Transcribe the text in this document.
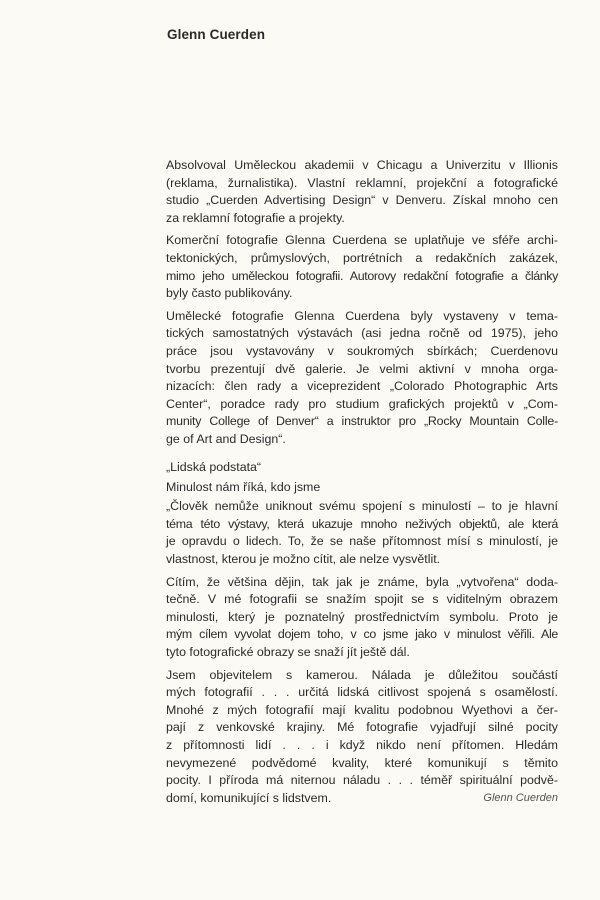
Glenn Cuerden

Absolvoval Uměleckou akademii v Chicagu a Univerzitu v Illionis
(reklama, žurnalistika). Vlastní reklamní, projekční a fotografické
studio „Cuerden Advertising Design“ v Denveru. Získal mnoho cen
za reklamní fotografie a projekty.

Komerční fotografie Glenna Cuerdena se uplatňuje ve sféře archi-
tektonických, průmyslových, portrétních a redakčních zakázek,
mimo jeho uměleckou fotografii. Autorovy redakční fotografie a články
byly často publikovány.

Umělecké fotografie Glenna Cuerdena byly vystaveny v tema-
tických samostatných výstavách (asi jedna ročně od 1975), jeho
práce jsou vystavovány v soukromých sbírkách; Cuerdenovu
tvorbu prezentují dvě galerie. Je velmi aktivní v mnoha orga-
nizacích: člen rady a viceprezident „Colorado Photographic Arts
Center“, poradce rady pro studium grafických projektů v „Com-
munity College of Denver“ a instruktor pro „Rocky Mountain Colle-
ge of Art and Design“.

„Lidská podstata“

Minulost nám říká, kdo jsme

„Člověk nemůže uniknout svému spojení s minulostí – to je hlavní
téma této výstavy, která ukazuje mnoho neživých objektů, ale která
je opravdu o lidech. To, že se naše přítomnost mísí s minulostí, je
vlastnost, kterou je možno cítit, ale nelze vysvětlit.

Cítím, že většina dějin, tak jak je známe, byla „vytvořena“ doda-
tečně. V mé fotografii se snažím spojit se s viditelným obrazem
minulosti, který je poznatelný prostřednictvím symbolu. Proto je
mým cílem vyvolat dojem toho, v co jsme jako v minulost věřili. Ale
tyto fotografické obrazy se snaží jít ještě dál.

Jsem objevitelem s kamerou. Nálada je důležitou součástí
mých fotografií . . . určitá lidská citlivost spojená s osamělostí.
Mnohé z mých fotografií mají kvalitu podobnou Wyethovi a čer-
pají z venkovské krajiny. Mé fotografie vyjadřují silné pocity
z přítomnosti lidí . . . i když nikdo není přítomen. Hledám
nevymezené podvědomé kvality, které komunikují s těmito
pocity. I příroda má niternou náladu . . . téměř spirituální podvě-
domí, komunikující s lidstvem.	Glenn Cuerden
